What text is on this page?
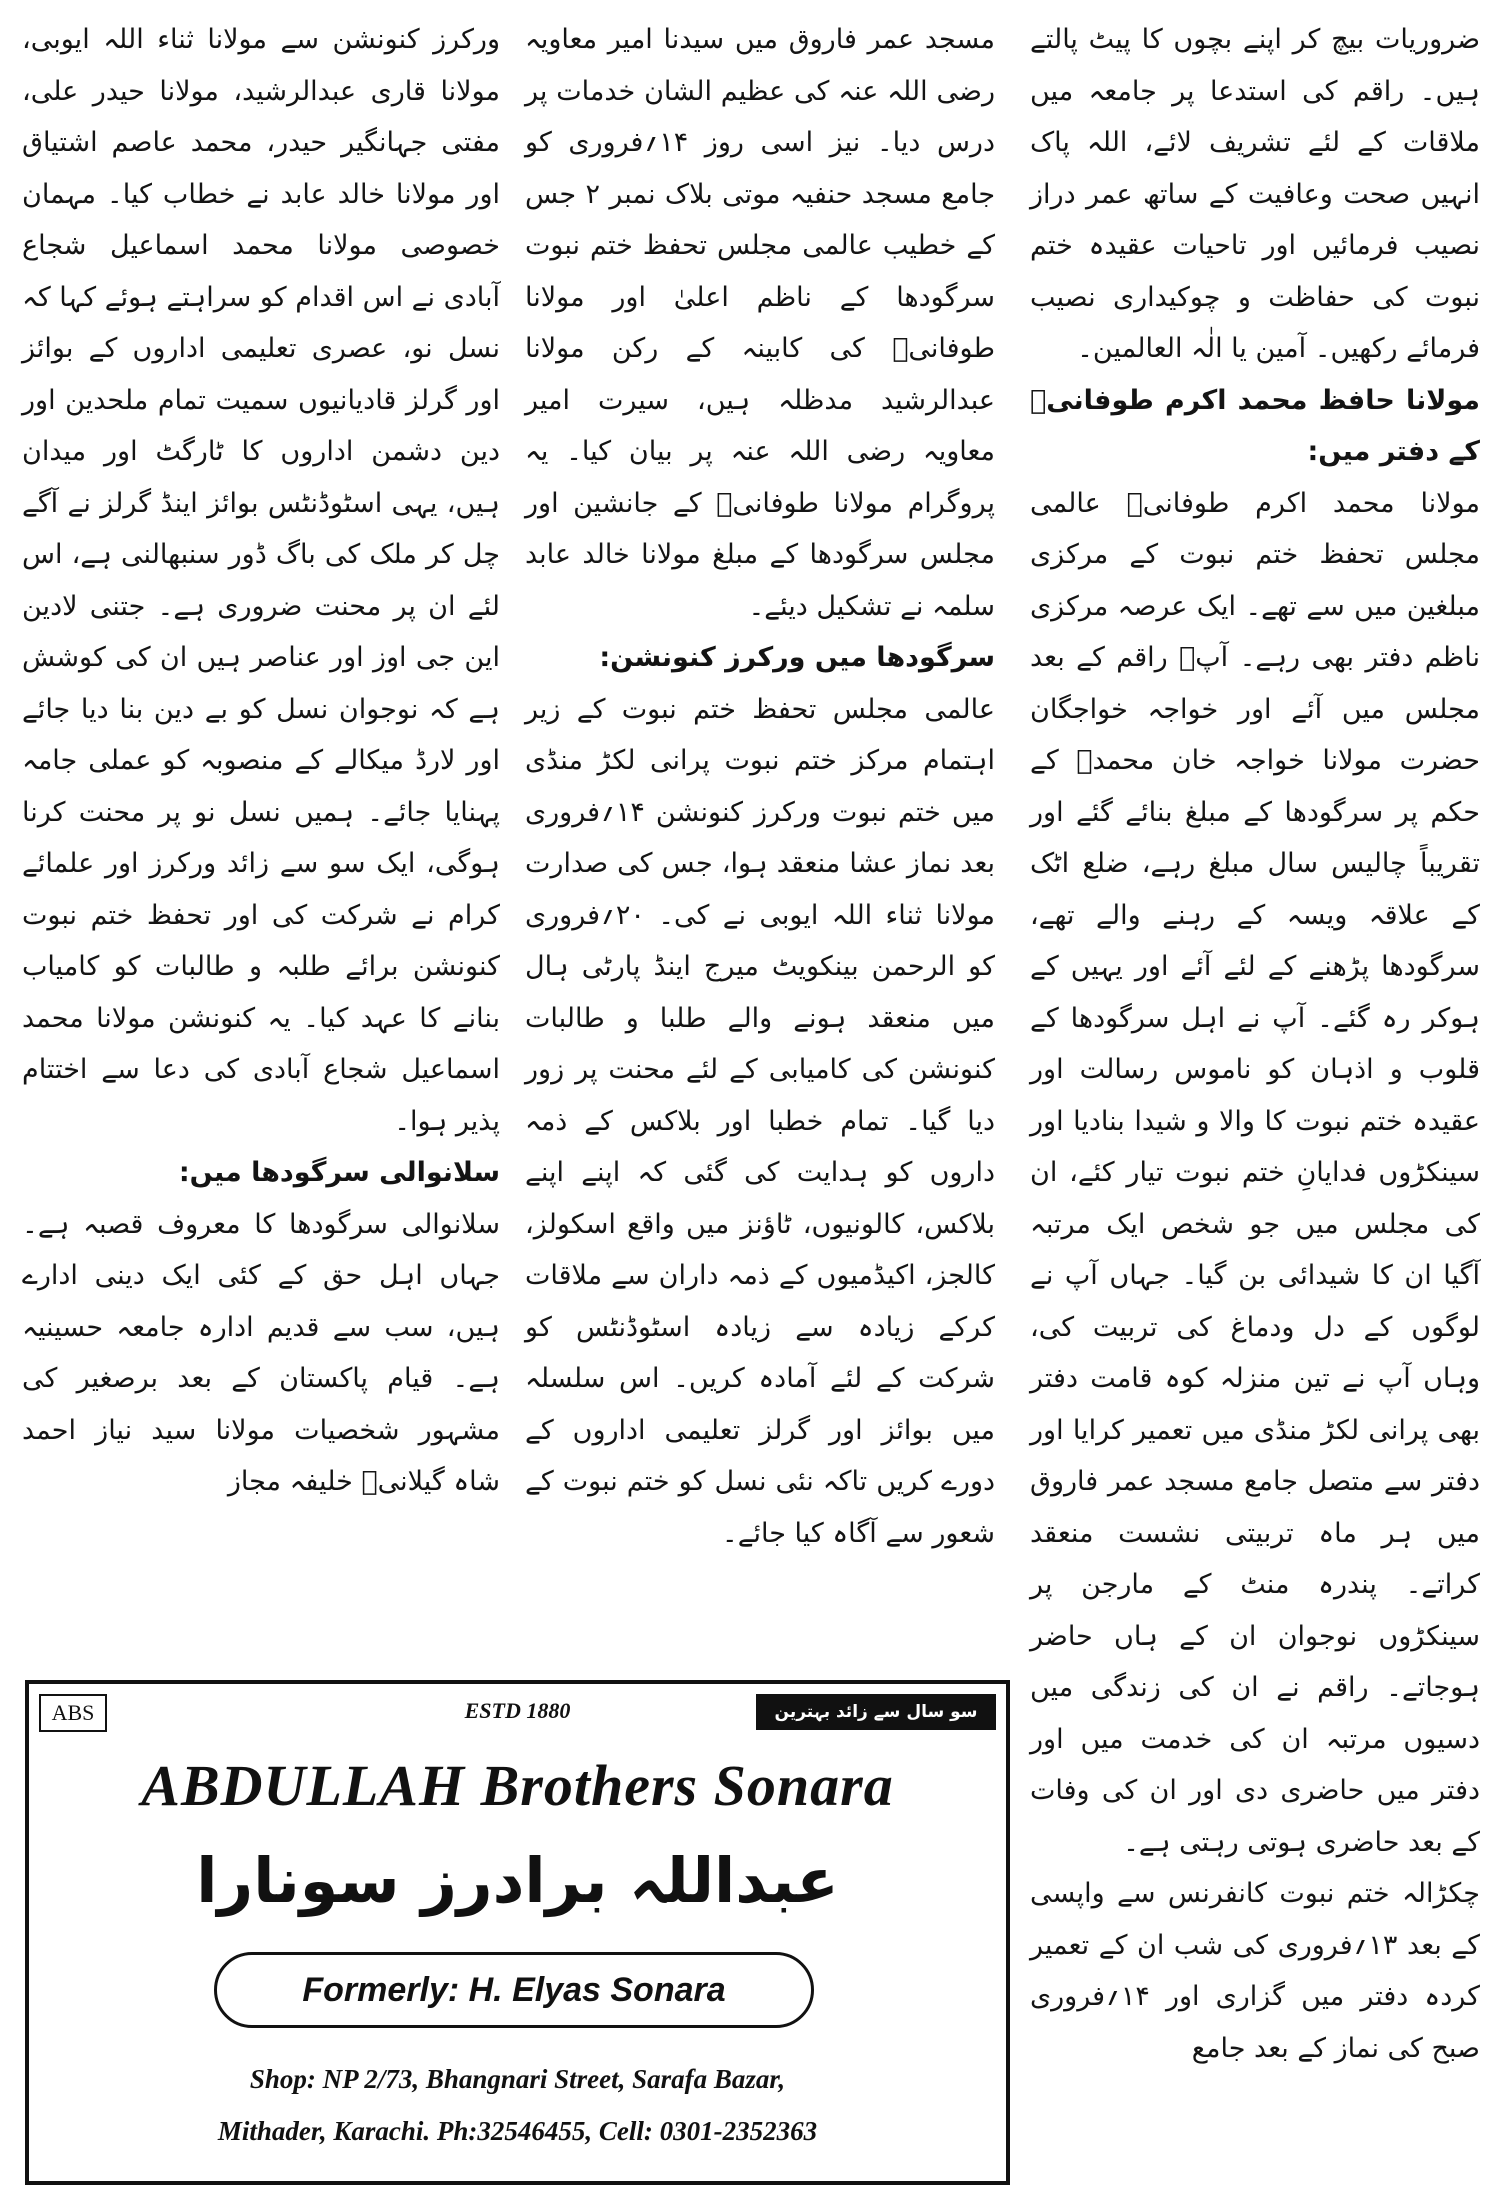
ضروریات بیچ کر اپنے بچوں کا پیٹ پالتے ہیں۔ راقم کی استدعا پر جامعہ میں ملاقات کے لئے تشریف لائے، اللہ پاک انہیں صحت وعافیت کے ساتھ عمر دراز نصیب فرمائیں اور تاحیات عقیدہ ختم نبوت کی حفاظت و چوکیداری نصیب فرمائے رکھیں۔ آمین یا الٰہ العالمین۔

مولانا حافظ محمد اکرم طوفانیؒ کے دفتر میں:

مولانا محمد اکرم طوفانیؒ عالمی مجلس تحفظ ختم نبوت کے مرکزی مبلغین میں سے تھے۔ ایک عرصہ مرکزی ناظم دفتر بھی رہے۔ آپؒ راقم کے بعد مجلس میں آئے اور خواجہ خواجگان حضرت مولانا خواجہ خان محمدؒ کے حکم پر سرگودھا کے مبلغ بنائے گئے اور تقریباً چالیس سال مبلغ رہے، ضلع اٹک کے علاقہ ویسہ کے رہنے والے تھے، سرگودھا پڑھنے کے لئے آئے اور یہیں کے ہوکر رہ گئے۔ آپ نے اہل سرگودھا کے قلوب و اذہان کو ناموس رسالت اور عقیدہ ختم نبوت کا والا و شیدا بنادیا اور سینکڑوں فدایانِ ختم نبوت تیار کئے، ان کی مجلس میں جو شخص ایک مرتبہ آگیا ان کا شیدائی بن گیا۔ جہاں آپ نے لوگوں کے دل ودماغ کی تربیت کی، وہاں آپ نے تین منزلہ کوہ قامت دفتر بھی پرانی لکڑ منڈی میں تعمیر کرایا اور دفتر سے متصل جامع مسجد عمر فاروق میں ہر ماہ تربیتی نشست منعقد کراتے۔ پندرہ منٹ کے مارجن پر سینکڑوں نوجوان ان کے ہاں حاضر ہوجاتے۔ راقم نے ان کی زندگی میں دسیوں مرتبہ ان کی خدمت میں اور دفتر میں حاضری دی اور ان کی وفات کے بعد حاضری ہوتی رہتی ہے۔

چکڑالہ ختم نبوت کانفرنس سے واپسی کے بعد ۱۳؍فروری کی شب ان کے تعمیر کردہ دفتر میں گزاری اور ۱۴؍فروری صبح کی نماز کے بعد جامع

مسجد عمر فاروق میں سیدنا امیر معاویہ رضی اللہ عنہ کی عظیم الشان خدمات پر درس دیا۔ نیز اسی روز ۱۴؍فروری کو جامع مسجد حنفیہ موتی بلاک نمبر ۲ جس کے خطیب عالمی مجلس تحفظ ختم نبوت سرگودھا کے ناظم اعلیٰ اور مولانا طوفانیؒ کی کابینہ کے رکن مولانا عبدالرشید مدظلہ ہیں، سیرت امیر معاویہ رضی اللہ عنہ پر بیان کیا۔ یہ پروگرام مولانا طوفانیؒ کے جانشین اور مجلس سرگودھا کے مبلغ مولانا خالد عابد سلمہ نے تشکیل دیئے۔

سرگودھا میں ورکرز کنونشن:

عالمی مجلس تحفظ ختم نبوت کے زیر اہتمام مرکز ختم نبوت پرانی لکڑ منڈی میں ختم نبوت ورکرز کنونشن ۱۴؍فروری بعد نماز عشا منعقد ہوا، جس کی صدارت مولانا ثناء اللہ ایوبی نے کی۔ ۲۰؍فروری کو الرحمن بینکویٹ میرج اینڈ پارٹی ہال میں منعقد ہونے والے طلبا و طالبات کنونشن کی کامیابی کے لئے محنت پر زور دیا گیا۔ تمام خطبا اور بلاکس کے ذمہ داروں کو ہدایت کی گئی کہ اپنے اپنے بلاکس، کالونیوں، ٹاؤنز میں واقع اسکولز، کالجز، اکیڈمیوں کے ذمہ داران سے ملاقات کرکے زیادہ سے زیادہ اسٹوڈنٹس کو شرکت کے لئے آمادہ کریں۔ اس سلسلہ میں بوائز اور گرلز تعلیمی اداروں کے دورے کریں تاکہ نئی نسل کو ختم نبوت کے شعور سے آگاہ کیا جائے۔

ورکرز کنونشن سے مولانا ثناء اللہ ایوبی، مولانا قاری عبدالرشید، مولانا حیدر علی، مفتی جہانگیر حیدر، محمد عاصم اشتیاق اور مولانا خالد عابد نے خطاب کیا۔ مہمان خصوصی مولانا محمد اسماعیل شجاع آبادی نے اس اقدام کو سراہتے ہوئے کہا کہ نسل نو، عصری تعلیمی اداروں کے بوائز اور گرلز قادیانیوں سمیت تمام ملحدین اور دین دشمن اداروں کا ٹارگٹ اور میدان ہیں، یہی اسٹوڈنٹس بوائز اینڈ گرلز نے آگے چل کر ملک کی باگ ڈور سنبھالنی ہے، اس لئے ان پر محنت ضروری ہے۔ جتنی لادین این جی اوز اور عناصر ہیں ان کی کوشش ہے کہ نوجوان نسل کو بے دین بنا دیا جائے اور لارڈ میکالے کے منصوبہ کو عملی جامہ پہنایا جائے۔ ہمیں نسل نو پر محنت کرنا ہوگی، ایک سو سے زائد ورکرز اور علمائے کرام نے شرکت کی اور تحفظ ختم نبوت کنونشن برائے طلبہ و طالبات کو کامیاب بنانے کا عہد کیا۔ یہ کنونشن مولانا محمد اسماعیل شجاع آبادی کی دعا سے اختتام پذیر ہوا۔

سلانوالی سرگودھا میں:

سلانوالی سرگودھا کا معروف قصبہ ہے۔ جہاں اہل حق کے کئی ایک دینی ادارے ہیں، سب سے قدیم ادارہ جامعہ حسینیہ ہے۔ قیام پاکستان کے بعد برصغیر کی مشہور شخصیات مولانا سید نیاز احمد شاہ گیلانیؒ خلیفہ مجاز

ABS	ESTD 1880	سو سال سے زائد بہترین خدمت
ABDULLAH Brothers Sonara
عبداللہ برادرز سونارا
Formerly: H. Elyas Sonara
Shop: NP 2/73, Bhangnari Street, Sarafa Bazar,
Mithader, Karachi. Ph:32546455, Cell: 0301-2352363
